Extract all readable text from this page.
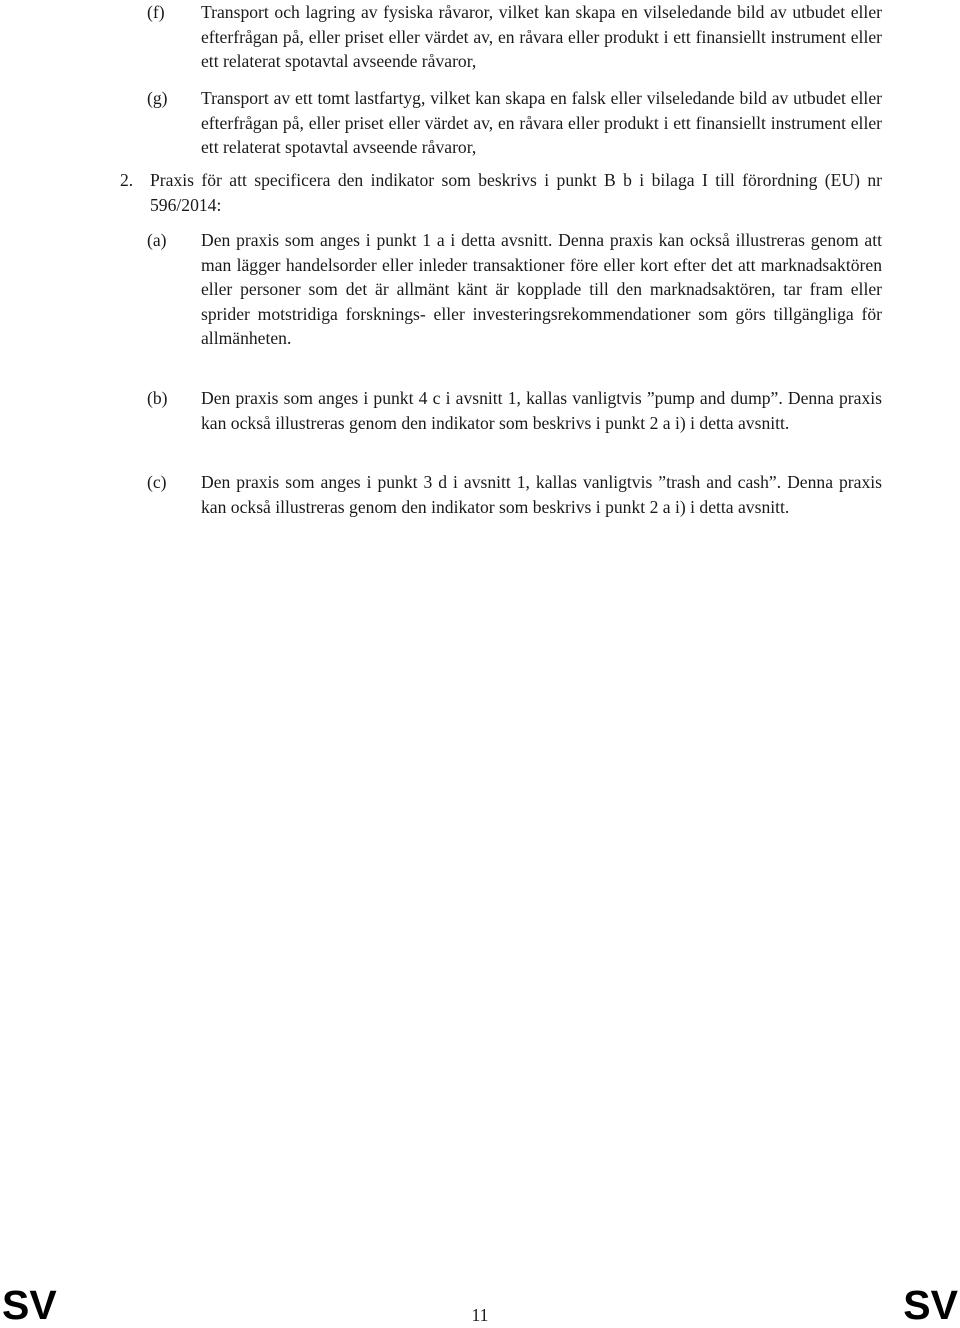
(f) Transport och lagring av fysiska råvaror, vilket kan skapa en vilseledande bild av utbudet eller efterfrågan på, eller priset eller värdet av, en råvara eller produkt i ett finansiellt instrument eller ett relaterat spotavtal avseende råvaror,
(g) Transport av ett tomt lastfartyg, vilket kan skapa en falsk eller vilseledande bild av utbudet eller efterfrågan på, eller priset eller värdet av, en råvara eller produkt i ett finansiellt instrument eller ett relaterat spotavtal avseende råvaror,
2. Praxis för att specificera den indikator som beskrivs i punkt B b i bilaga I till förordning (EU) nr 596/2014:
(a) Den praxis som anges i punkt 1 a i detta avsnitt. Denna praxis kan också illustreras genom att man lägger handelsorder eller inleder transaktioner före eller kort efter det att marknadsaktören eller personer som det är allmänt känt är kopplade till den marknadsaktören, tar fram eller sprider motstridiga forsknings- eller investeringsrekommendationer som görs tillgängliga för allmänheten.
(b) Den praxis som anges i punkt 4 c i avsnitt 1, kallas vanligtvis ”pump and dump”. Denna praxis kan också illustreras genom den indikator som beskrivs i punkt 2 a i) i detta avsnitt.
(c) Den praxis som anges i punkt 3 d i avsnitt 1, kallas vanligtvis ”trash and cash”. Denna praxis kan också illustreras genom den indikator som beskrivs i punkt 2 a i) i detta avsnitt.
SV	11	SV
